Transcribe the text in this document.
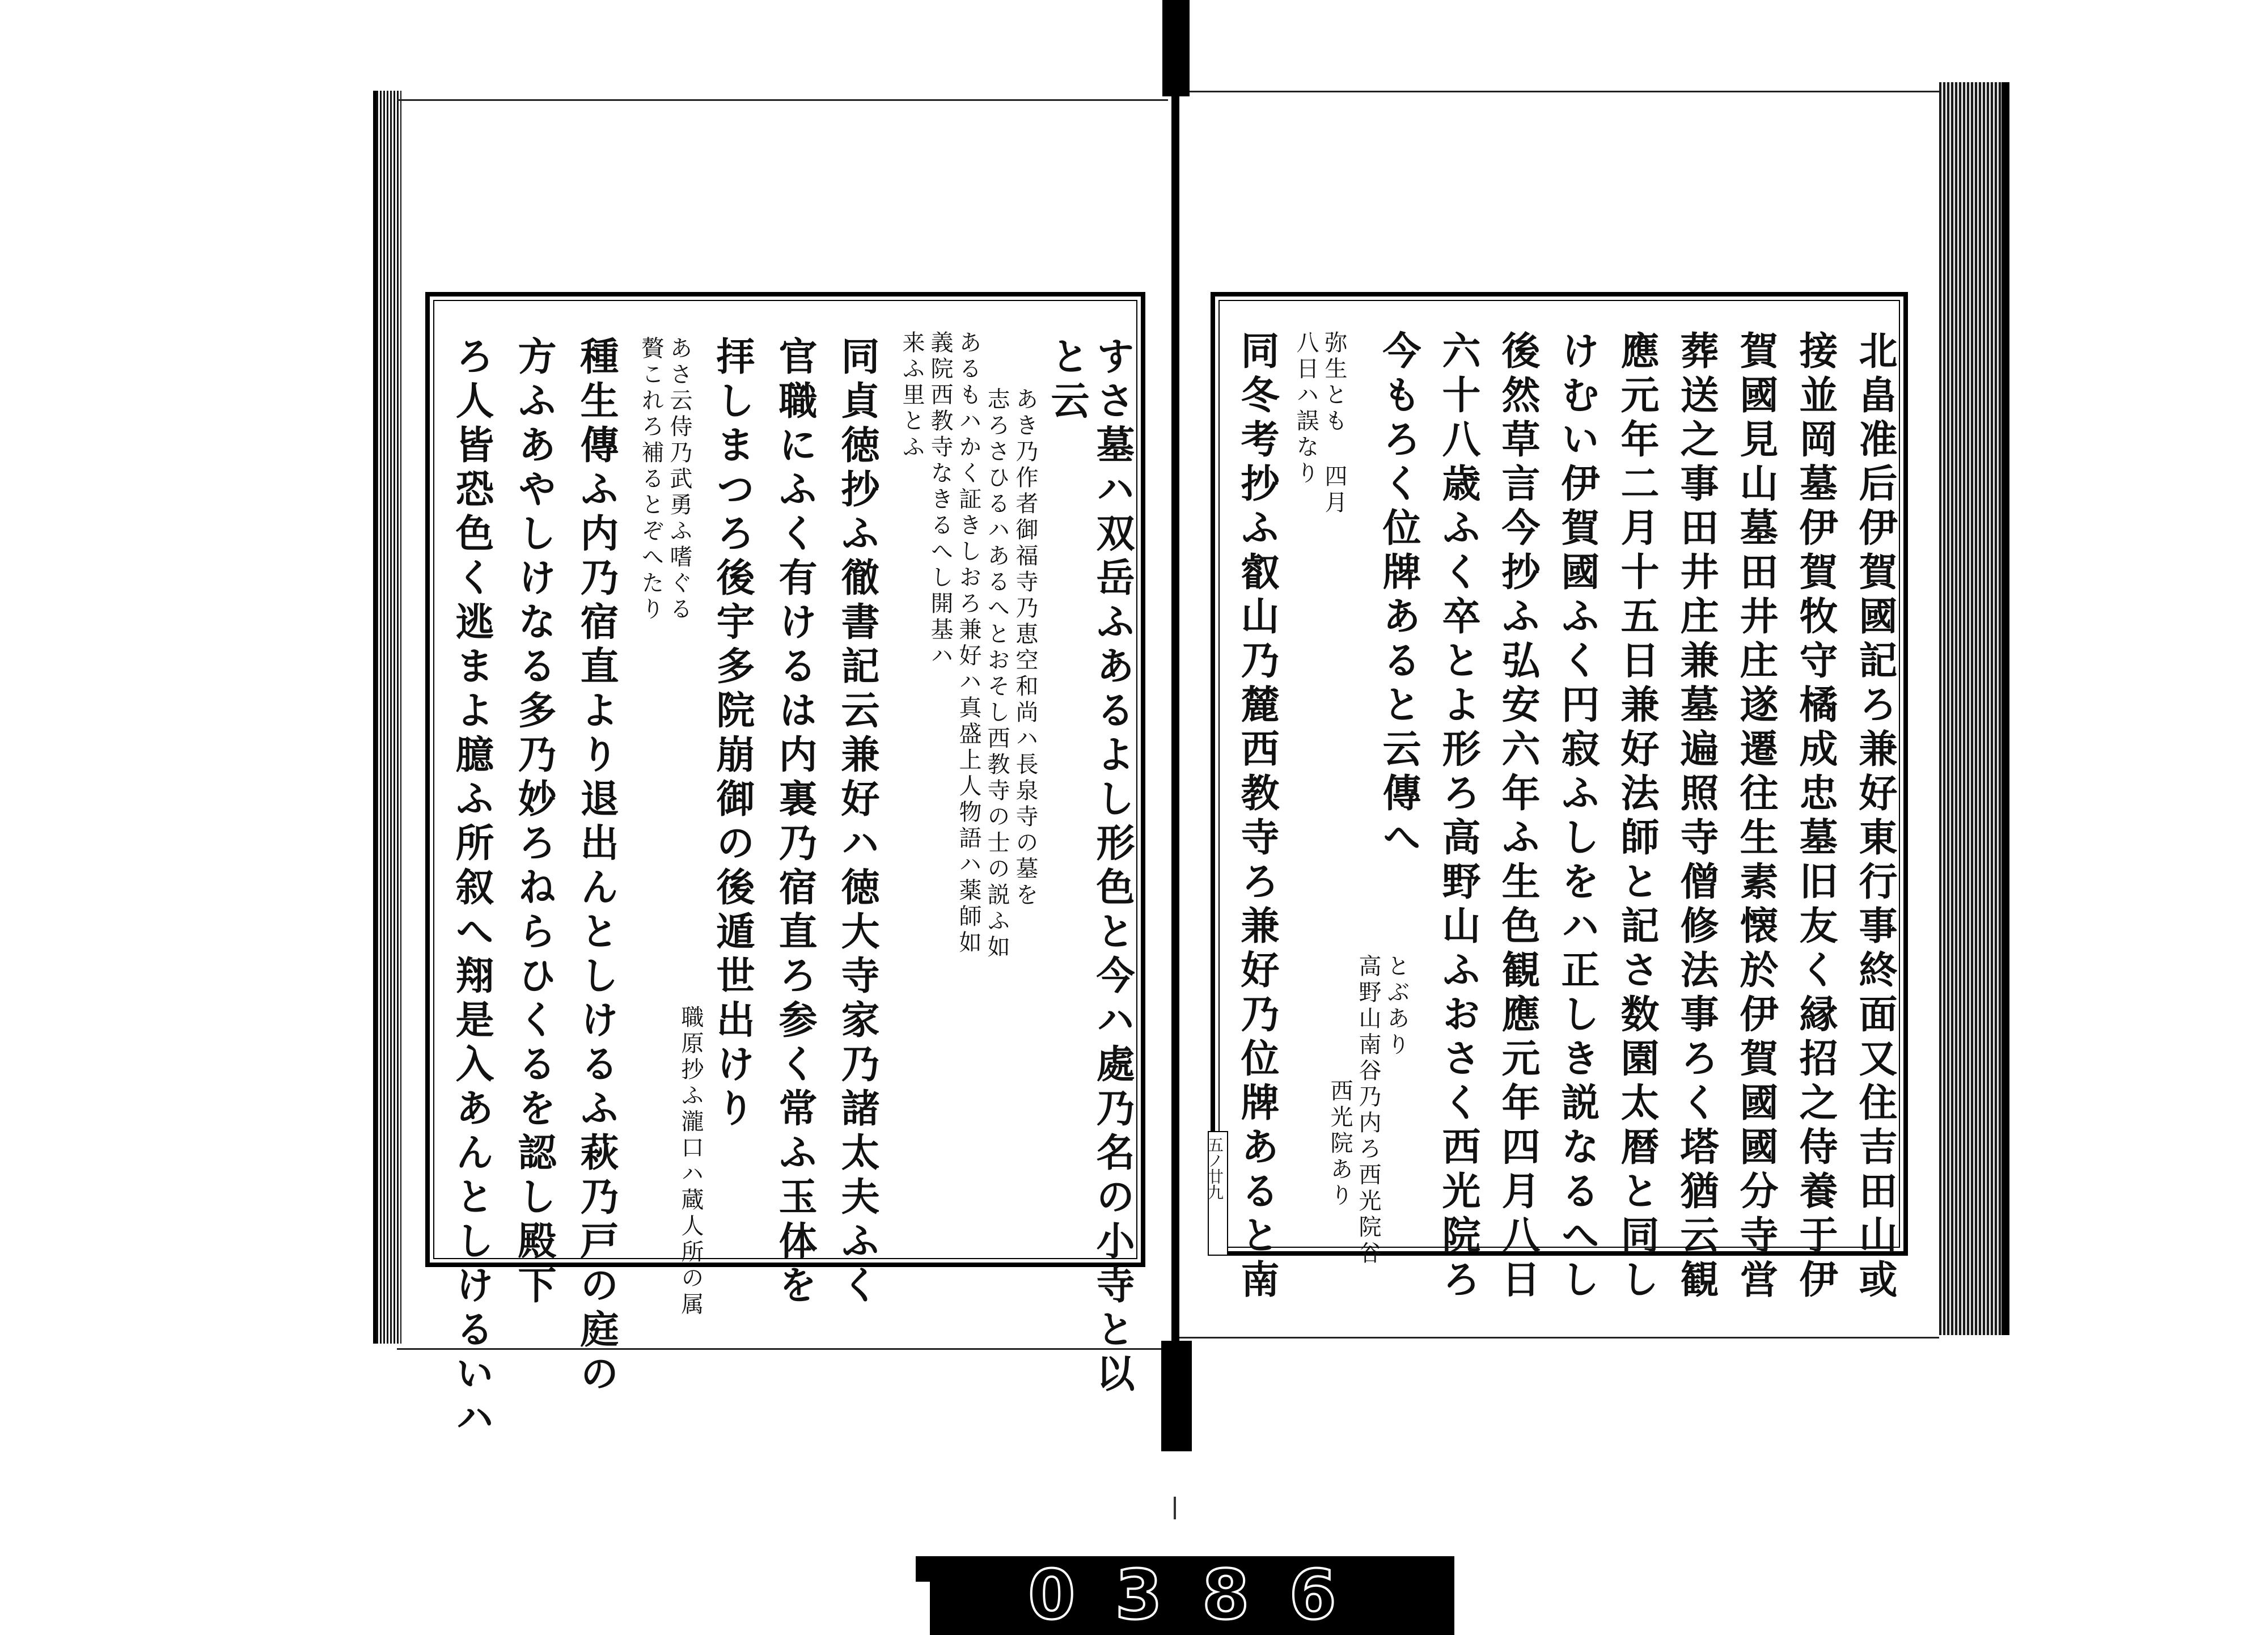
北畠准后伊賀國記ろ兼好東行事終面又住吉田山或
接並岡墓伊賀牧守橘成忠墓旧友く縁招之侍養于伊
賀國見山墓田井庄遂遷往生素懐於伊賀國國分寺営
葬送之事田井庄兼墓遍照寺僧修法事ろく塔猶云観
應元年二月十五日兼好法師と記さ数園太暦と同し
けむい伊賀國ふく円寂ふしをハ正しき説なるへし
後然草言今抄ふ弘安六年ふ生色観應元年四月八日
六十八歳ふく卒とよ形ろ高野山ふおさく西光院ろ
今もろく位牌あると云傳へ
とぶあり
高野山南谷乃内ろ西光院谷
西光院あり
弥生とも 四月
八日ハ誤なり
同冬考抄ふ叡山乃麓西教寺ろ兼好乃位牌あると南
五ノ廿九
すさ墓ハ双岳ふあるよし形色と今ハ處乃名の小寺と以
と云
あき乃作者御福寺乃恵空和尚ハ長泉寺の墓を
志ろさひるハあるへとおそし西教寺の士の説ふ如
あるもハかく証きしおろ兼好ハ真盛上人物語ハ薬師如
義院西教寺なきるへし開基ハ
来ふ里とふ
同貞徳抄ふ徹書記云兼好ハ徳大寺家乃諸太夫ふく
官職にふく有けるは内裏乃宿直ろ参く常ふ玉体を
拝しまつろ後宇多院崩御の後遁世出けり
あさ云侍乃武勇ふ嗜ぐる
職原抄ふ瀧口ハ蔵人所の属
贅これろ補るとぞへたり
種生傳ふ内乃宿直より退出んとしけるふ萩乃戸の庭の
方ふあやしけなる多乃妙ろねらひくるを認し殿下
ろ人皆恐色く逃まよ臆ふ所叙へ翔是入あんとしけるいハ
0 3 8 6
